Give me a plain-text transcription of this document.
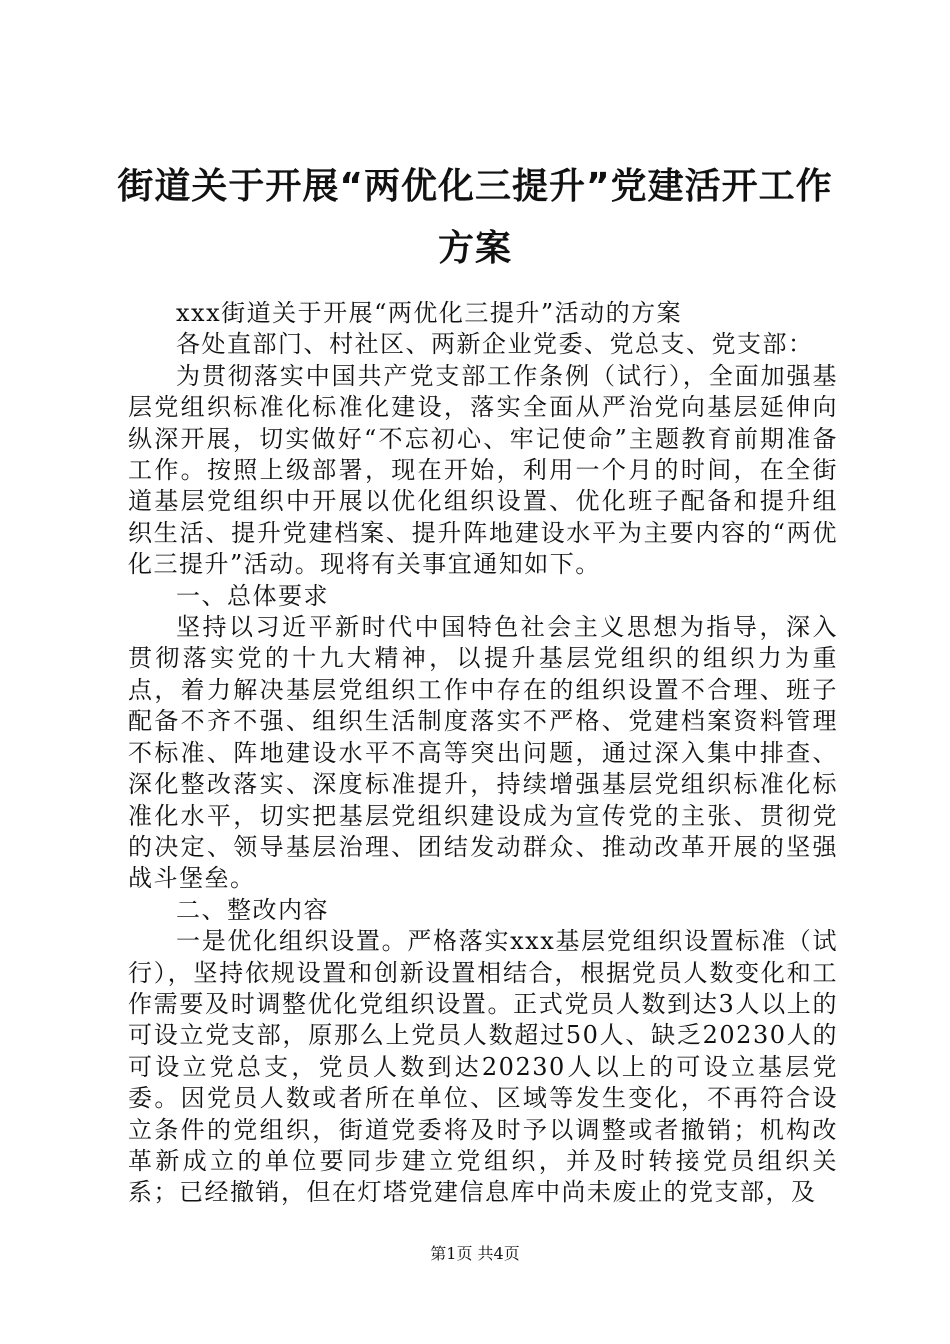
街道关于开展“两优化三提升”党建活开工作方案

xxx街道关于开展“两优化三提升”活动的方案

各处直部门、村社区、两新企业党委、党总支、党支部：

为贯彻落实中国共产党支部工作条例（试行），全面加强基层党组织标准化标准化建设，落实全面从严治党向基层延伸向纵深开展，切实做好“不忘初心、牢记使命”主题教育前期准备工作。按照上级部署，现在开始，利用一个月的时间，在全街道基层党组织中开展以优化组织设置、优化班子配备和提升组织生活、提升党建档案、提升阵地建设水平为主要内容的“两优化三提升”活动。现将有关事宜通知如下。

一、总体要求

坚持以习近平新时代中国特色社会主义思想为指导，深入贯彻落实党的十九大精神，以提升基层党组织的组织力为重点，着力解决基层党组织工作中存在的组织设置不合理、班子配备不齐不强、组织生活制度落实不严格、党建档案资料管理不标准、阵地建设水平不高等突出问题，通过深入集中排查、深化整改落实、深度标准提升，持续增强基层党组织标准化标准化水平，切实把基层党组织建设成为宣传党的主张、贯彻党的决定、领导基层治理、团结发动群众、推动改革开展的坚强战斗堡垒。

二、整改内容

一是优化组织设置。严格落实xxx基层党组织设置标准（试行），坚持依规设置和创新设置相结合，根据党员人数变化和工作需要及时调整优化党组织设置。正式党员人数到达3人以上的可设立党支部，原那么上党员人数超过50人、缺乏20230人的可设立党总支，党员人数到达20230人以上的可设立基层党委。因党员人数或者所在单位、区域等发生变化，不再符合设立条件的党组织，街道党委将及时予以调整或者撤销；机构改革新成立的单位要同步建立党组织，并及时转接党员组织关系；已经撤销，但在灯塔党建信息库中尚未废止的党支部，及

第1页 共4页
